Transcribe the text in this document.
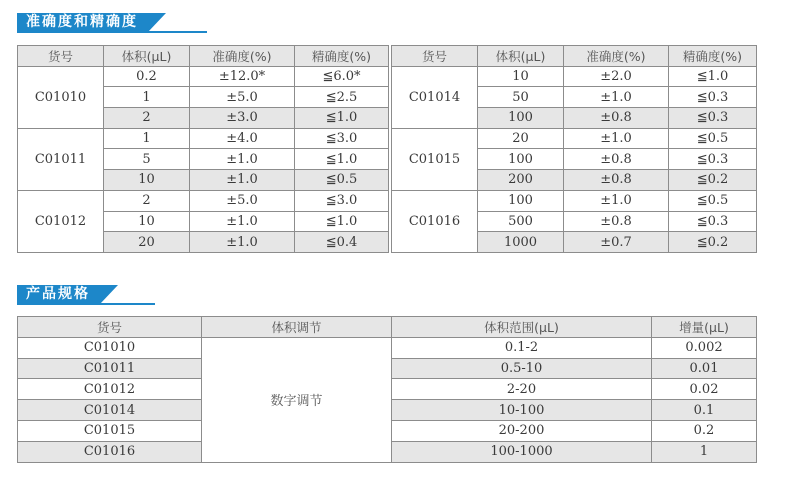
准确度和精确度
货号	体积(μL)	准确度(%)	精确度(%)
C01010	0.2	±12.0*	≦6.0*
	1	±5.0	≦2.5
	2	±3.0	≦1.0
C01011	1	±4.0	≦3.0
	5	±1.0	≦1.0
	10	±1.0	≦0.5
C01012	2	±5.0	≦3.0
	10	±1.0	≦1.0
	20	±1.0	≦0.4
货号	体积(μL)	准确度(%)	精确度(%)
C01014	10	±2.0	≦1.0
	50	±1.0	≦0.3
	100	±0.8	≦0.3
C01015	20	±1.0	≦0.5
	100	±0.8	≦0.3
	200	±0.8	≦0.2
C01016	100	±1.0	≦0.5
	500	±0.8	≦0.3
	1000	±0.7	≦0.2
产品规格
货号	体积调节	体积范围(μL)	增量(μL)
C01010	数字调节	0.1-2	0.002
C01011		0.5-10	0.01
C01012		2-20	0.02
C01014		10-100	0.1
C01015		20-200	0.2
C01016		100-1000	1
